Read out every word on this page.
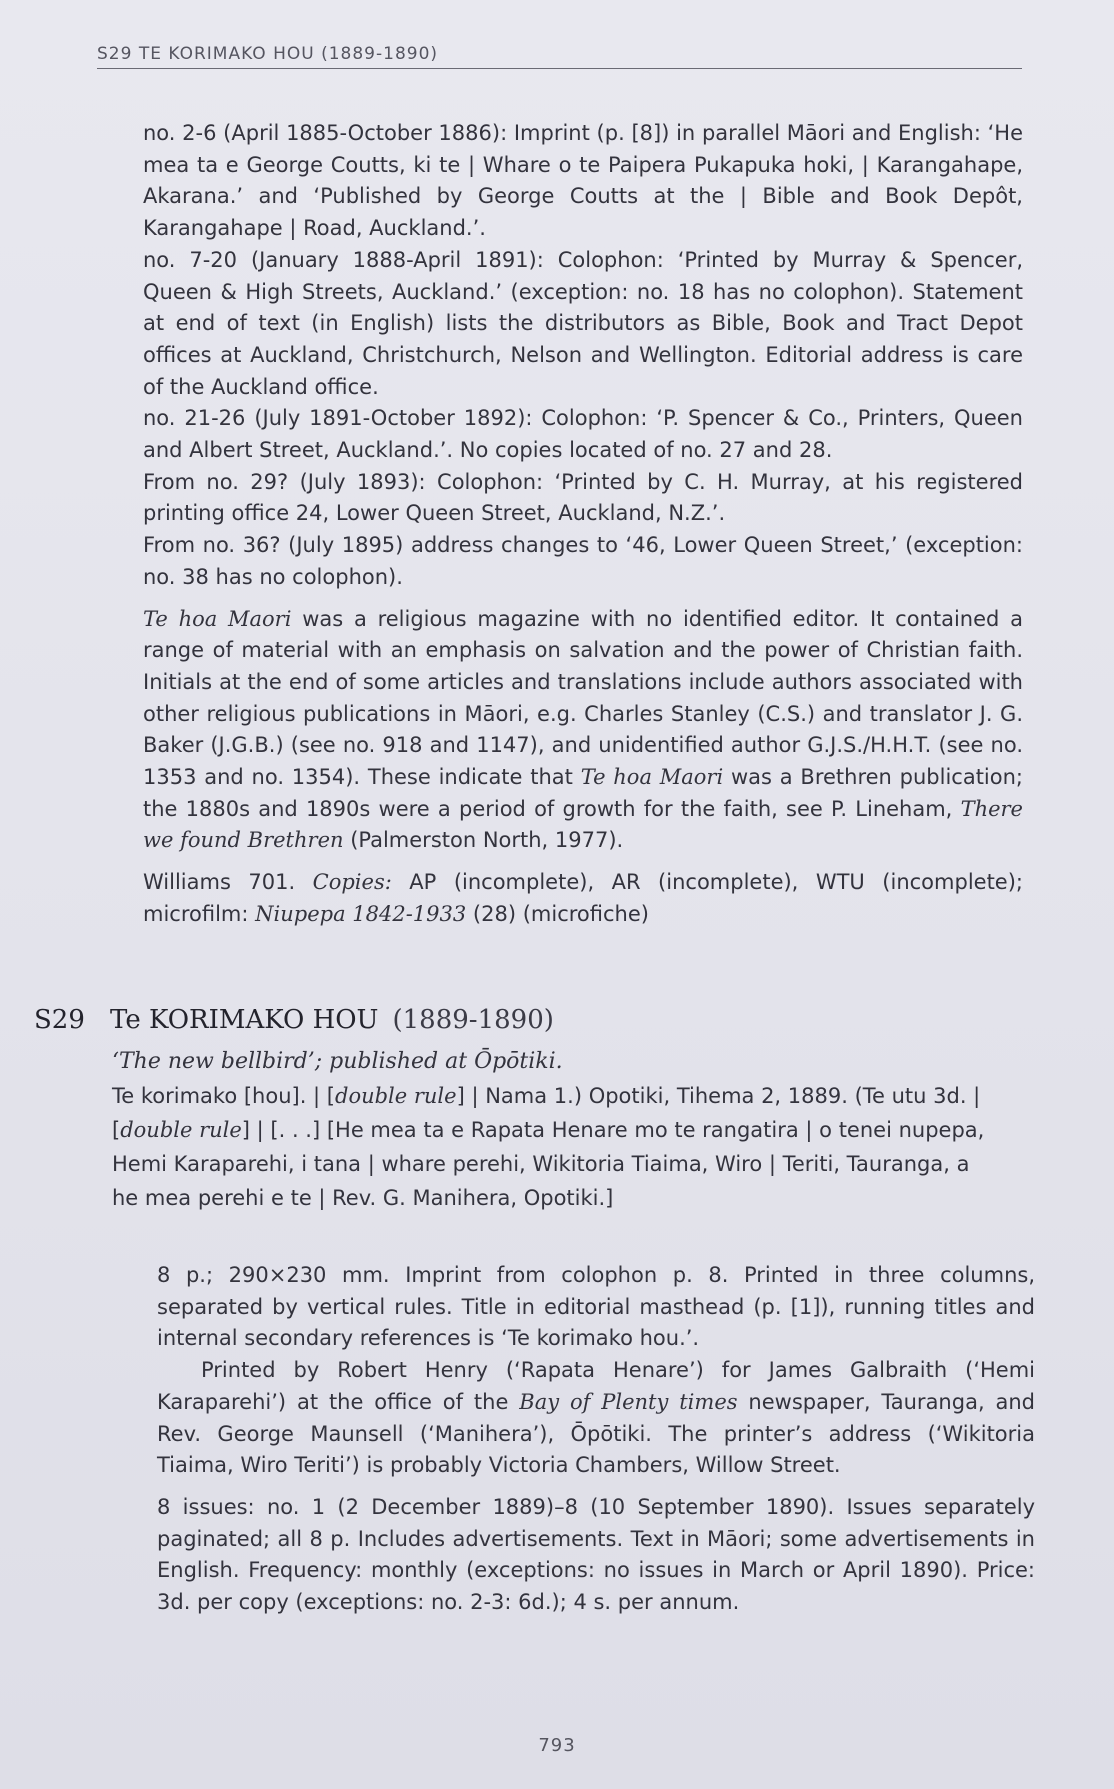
S29 TE KORIMAKO HOU (1889-1890)

no. 2-6 (April 1885-October 1886): Imprint (p. [8]) in parallel Māori and English: ‘He mea ta e George Coutts, ki te | Whare o te Paipera Pukapuka hoki, | Karangahape, Akarana.’ and ‘Published by George Coutts at the | Bible and Book Depôt, Karangahape | Road, Auckland.’.

no. 7-20 (January 1888-April 1891): Colophon: ‘Printed by Murray & Spencer, Queen & High Streets, Auckland.’ (exception: no. 18 has no colophon). Statement at end of text (in English) lists the distributors as Bible, Book and Tract Depot offices at Auckland, Christchurch, Nelson and Wellington. Editorial address is care of the Auckland office.

no. 21-26 (July 1891-October 1892): Colophon: ‘P. Spencer & Co., Printers, Queen and Albert Street, Auckland.’. No copies located of no. 27 and 28.

From no. 29? (July 1893): Colophon: ‘Printed by C. H. Murray, at his registered printing office 24, Lower Queen Street, Auckland, N.Z.’.

From no. 36? (July 1895) address changes to ‘46, Lower Queen Street,’ (exception: no. 38 has no colophon).

Te hoa Maori was a religious magazine with no identified editor. It contained a range of material with an emphasis on salvation and the power of Christian faith. Initials at the end of some articles and translations include authors associated with other religious publications in Māori, e.g. Charles Stanley (C.S.) and translator J. G. Baker (J.G.B.) (see no. 918 and 1147), and unidentified author G.J.S./H.H.T. (see no. 1353 and no. 1354). These indicate that Te hoa Maori was a Brethren publication; the 1880s and 1890s were a period of growth for the faith, see P. Lineham, There we found Brethren (Palmerston North, 1977).

Williams 701. Copies: AP (incomplete), AR (incomplete), WTU (incomplete); microfilm: Niupepa 1842-1933 (28) (microfiche)

S29 Te KORIMAKO HOU (1889-1890)
‘The new bellbird’; published at Ōpōtiki.
Te korimako [hou]. | [double rule] | Nama 1.) Opotiki, Tihema 2, 1889. (Te utu 3d. | [double rule] | [. . .] [He mea ta e Rapata Henare mo te rangatira | o tenei nupepa, Hemi Karaparehi, i tana | whare perehi, Wikitoria Tiaima, Wiro | Teriti, Tauranga, a he mea perehi e te | Rev. G. Manihera, Opotiki.]

8 p.; 290×230 mm. Imprint from colophon p. 8. Printed in three columns, separated by vertical rules. Title in editorial masthead (p. [1]), running titles and internal secondary references is ‘Te korimako hou.’.

Printed by Robert Henry (‘Rapata Henare’) for James Galbraith (‘Hemi Karaparehi’) at the office of the Bay of Plenty times newspaper, Tauranga, and Rev. George Maunsell (‘Manihera’), Ōpōtiki. The printer’s address (‘Wikitoria Tiaima, Wiro Teriti’) is probably Victoria Chambers, Willow Street.

8 issues: no. 1 (2 December 1889)–8 (10 September 1890). Issues separately paginated; all 8 p. Includes advertisements. Text in Māori; some advertisements in English. Frequency: monthly (exceptions: no issues in March or April 1890). Price: 3d. per copy (exceptions: no. 2-3: 6d.); 4 s. per annum.

793
